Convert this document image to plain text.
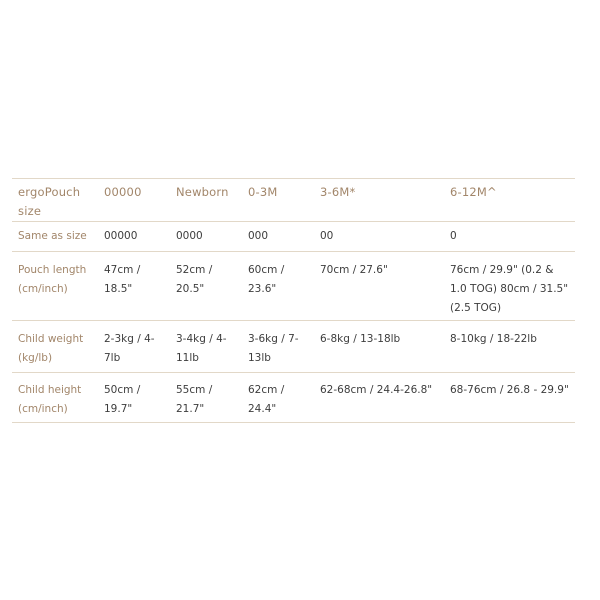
ergoPouch size	00000	Newborn	0-3M	3-6M*	6-12M^
Same as size	00000	0000	000	00	0
Pouch length (cm/inch)	47cm / 18.5"	52cm / 20.5"	60cm / 23.6"	70cm / 27.6"	76cm / 29.9" (0.2 & 1.0 TOG) 80cm / 31.5" (2.5 TOG)
Child weight (kg/lb)	2-3kg / 4-7lb	3-4kg / 4-11lb	3-6kg / 7-13lb	6-8kg / 13-18lb	8-10kg / 18-22lb
Child height (cm/inch)	50cm / 19.7"	55cm / 21.7"	62cm / 24.4"	62-68cm / 24.4-26.8"	68-76cm / 26.8 - 29.9"
